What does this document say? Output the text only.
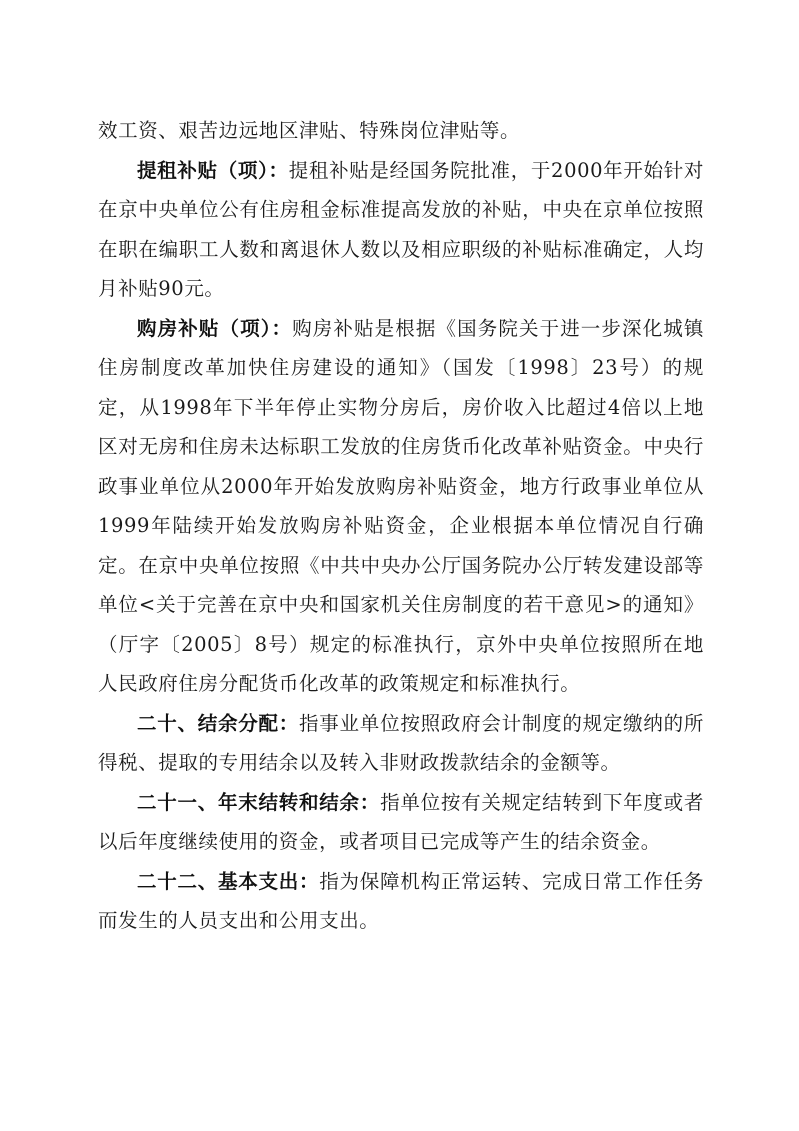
效工资、艰苦边远地区津贴、特殊岗位津贴等。

提租补贴（项）：提租补贴是经国务院批准，于2000年开始针对在京中央单位公有住房租金标准提高发放的补贴，中央在京单位按照在职在编职工人数和离退休人数以及相应职级的补贴标准确定，人均月补贴90元。

购房补贴（项）：购房补贴是根据《国务院关于进一步深化城镇住房制度改革加快住房建设的通知》（国发〔1998〕23号）的规定，从1998年下半年停止实物分房后，房价收入比超过4倍以上地区对无房和住房未达标职工发放的住房货币化改革补贴资金。中央行政事业单位从2000年开始发放购房补贴资金，地方行政事业单位从1999年陆续开始发放购房补贴资金，企业根据本单位情况自行确定。在京中央单位按照《中共中央办公厅国务院办公厅转发建设部等单位<关于完善在京中央和国家机关住房制度的若干意见>的通知》（厅字〔2005〕8号）规定的标准执行，京外中央单位按照所在地人民政府住房分配货币化改革的政策规定和标准执行。

二十、结余分配：指事业单位按照政府会计制度的规定缴纳的所得税、提取的专用结余以及转入非财政拨款结余的金额等。

二十一、年末结转和结余：指单位按有关规定结转到下年度或者以后年度继续使用的资金，或者项目已完成等产生的结余资金。

二十二、基本支出：指为保障机构正常运转、完成日常工作任务而发生的人员支出和公用支出。
